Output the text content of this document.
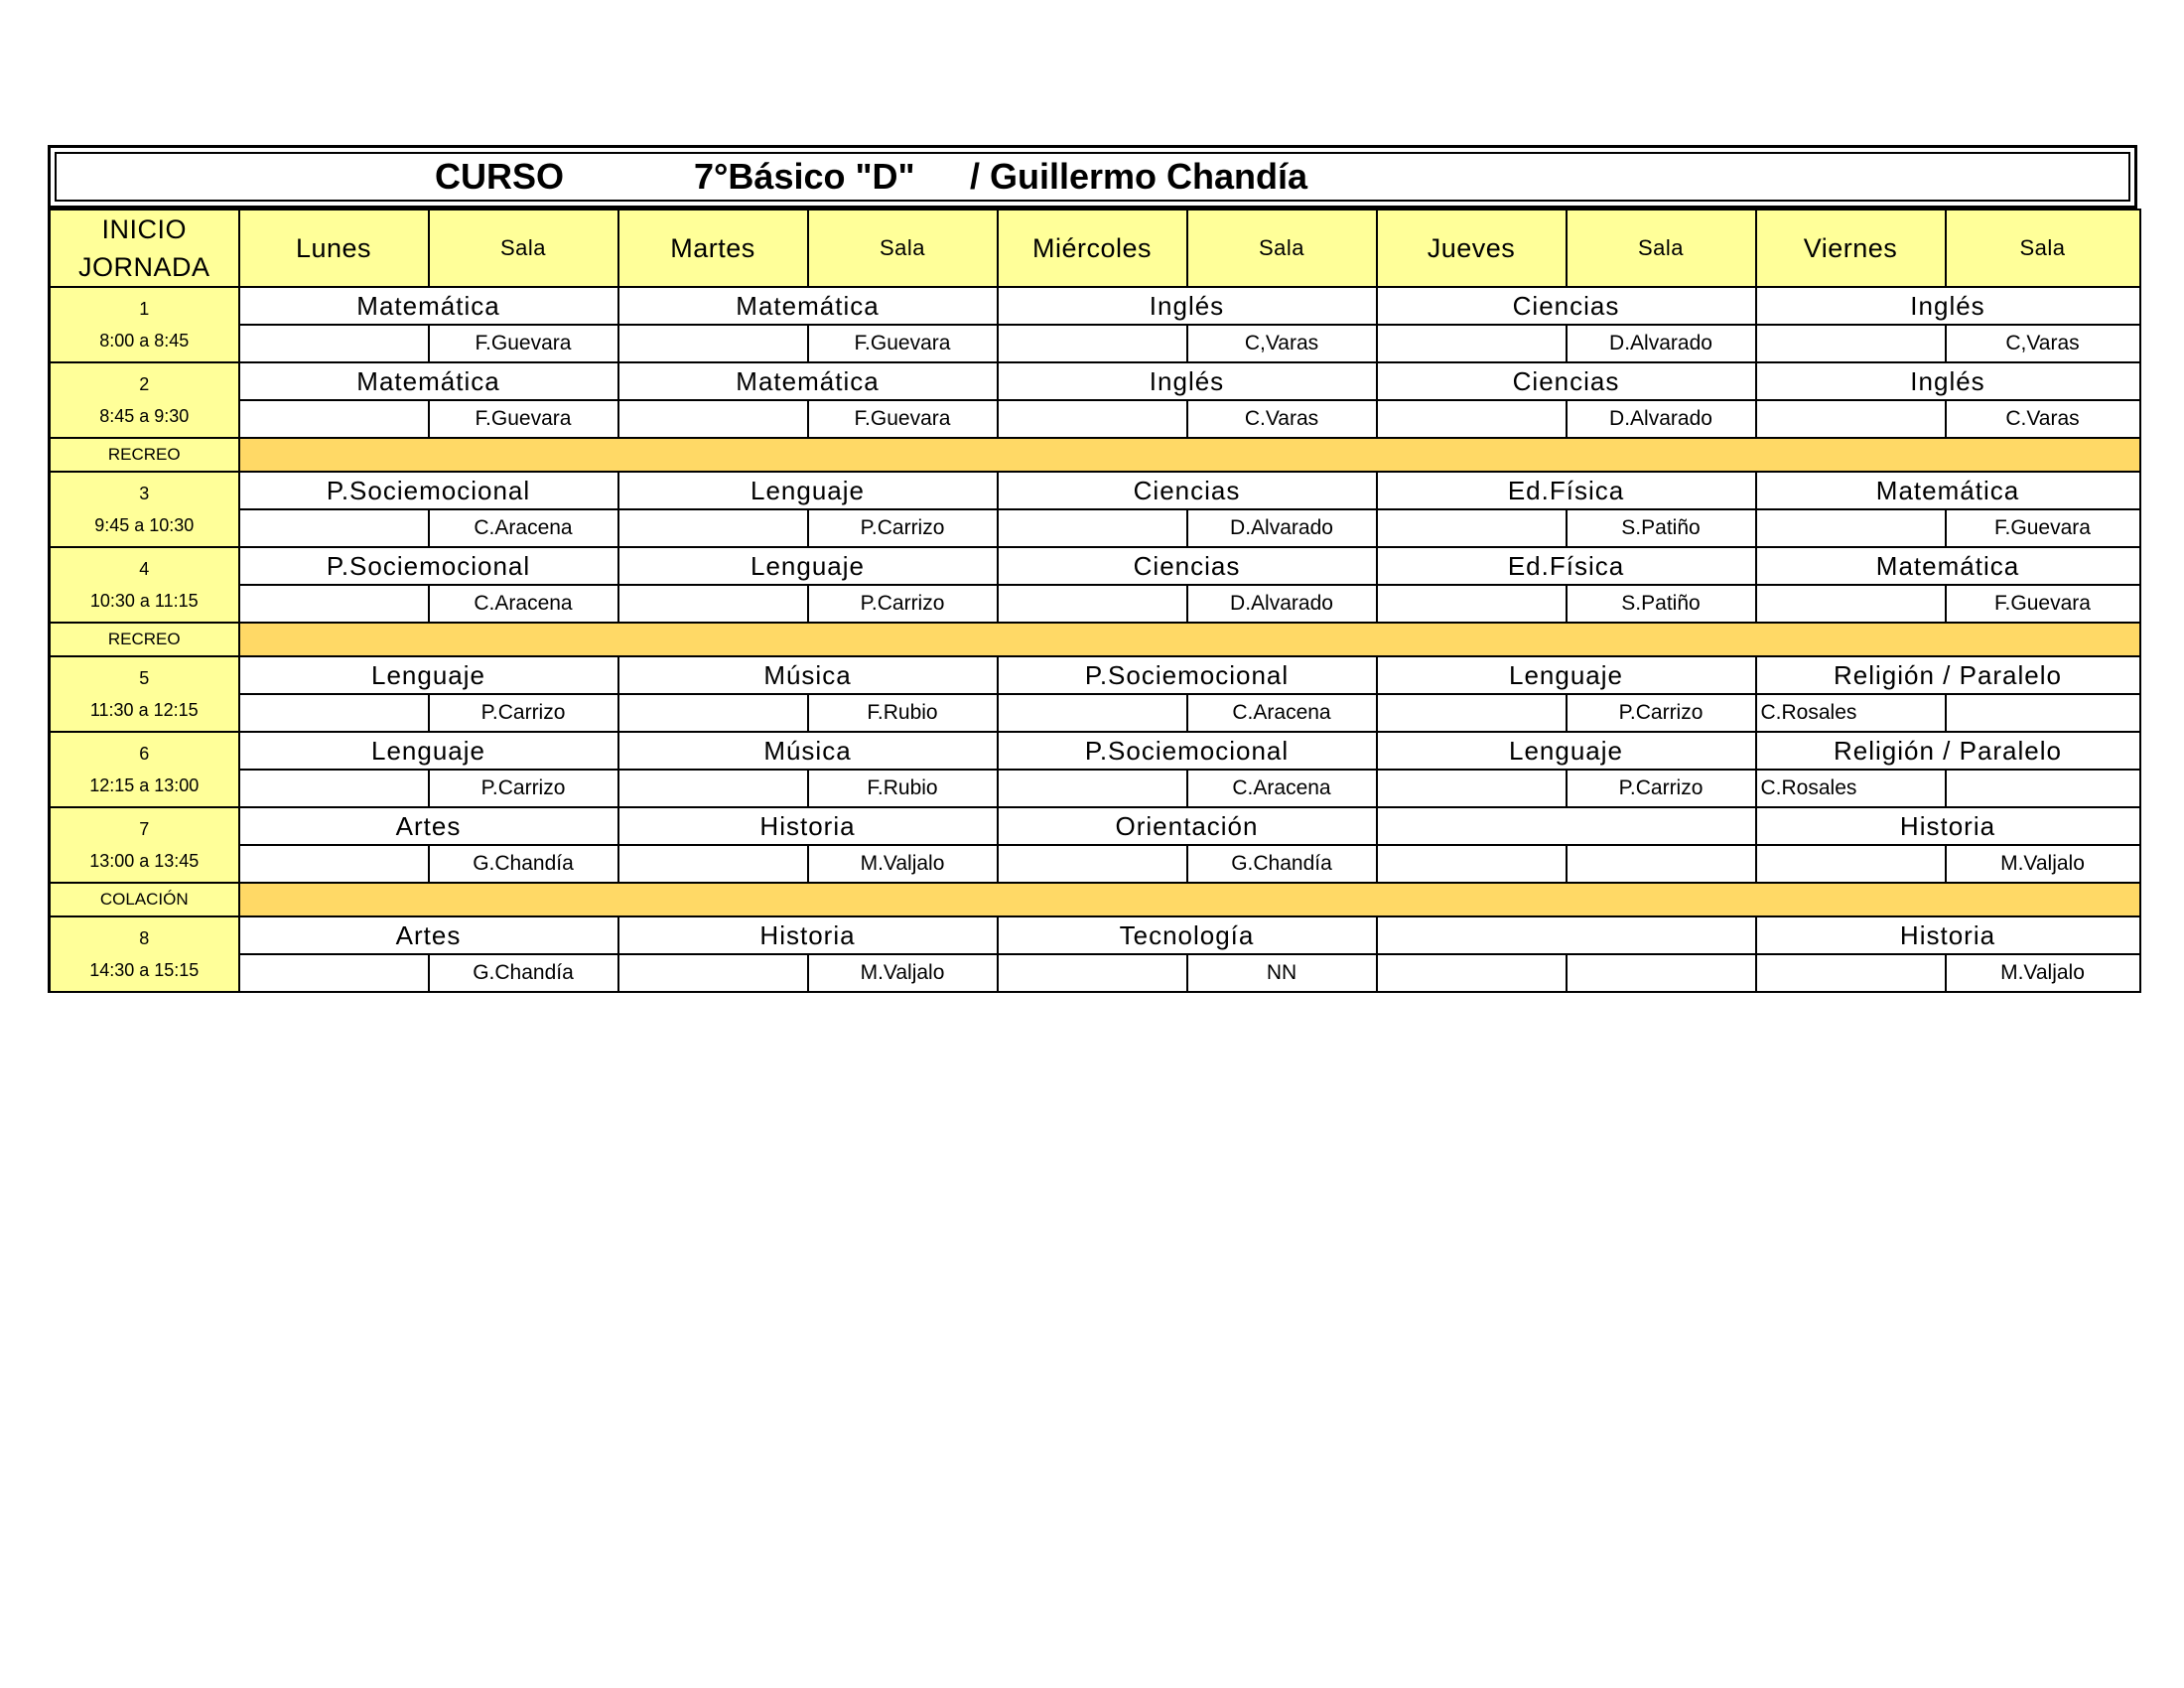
CURSO	7°Básico "D" / Guillermo Chandía
INICIO
JORNADA	Lunes	Sala	Martes	Sala	Miércoles	Sala	Jueves	Sala	Viernes	Sala

1
8:00 a 8:45	Matemática		Matemática		Inglés		Ciencias		Inglés	
		F.Guevara		F.Guevara		C,Varas		D.Alvarado		C,Varas

2
8:45 a 9:30	Matemática		Matemática		Inglés		Ciencias		Inglés	
		F.Guevara		F.Guevara		C.Varas		D.Alvarado		C.Varas
RECREO										

3
9:45 a 10:30	P.Sociemocional		Lenguaje		Ciencias		Ed.Física		Matemática	
		C.Aracena		P.Carrizo		D.Alvarado		S.Patiño		F.Guevara

4
10:30 a 11:15	P.Sociemocional		Lenguaje		Ciencias		Ed.Física		Matemática	
		C.Aracena		P.Carrizo		D.Alvarado		S.Patiño		F.Guevara
RECREO										

5
11:30 a 12:15	Lenguaje		Música		P.Sociemocional		Lenguaje		Religión / Paralelo	
		P.Carrizo		F.Rubio		C.Aracena		P.Carrizo	C.Rosales	

6
12:15 a 13:00	Lenguaje		Música		P.Sociemocional		Lenguaje		Religión / Paralelo	
		P.Carrizo		F.Rubio		C.Aracena		P.Carrizo	C.Rosales	

7
13:00 a 13:45	Artes		Historia		Orientación				Historia	
		G.Chandía		M.Valjalo		G.Chandía				M.Valjalo
COLACIÓN										

8
14:30 a 15:15	Artes		Historia		Tecnología				Historia	
		G.Chandía		M.Valjalo		NN				M.Valjalo
